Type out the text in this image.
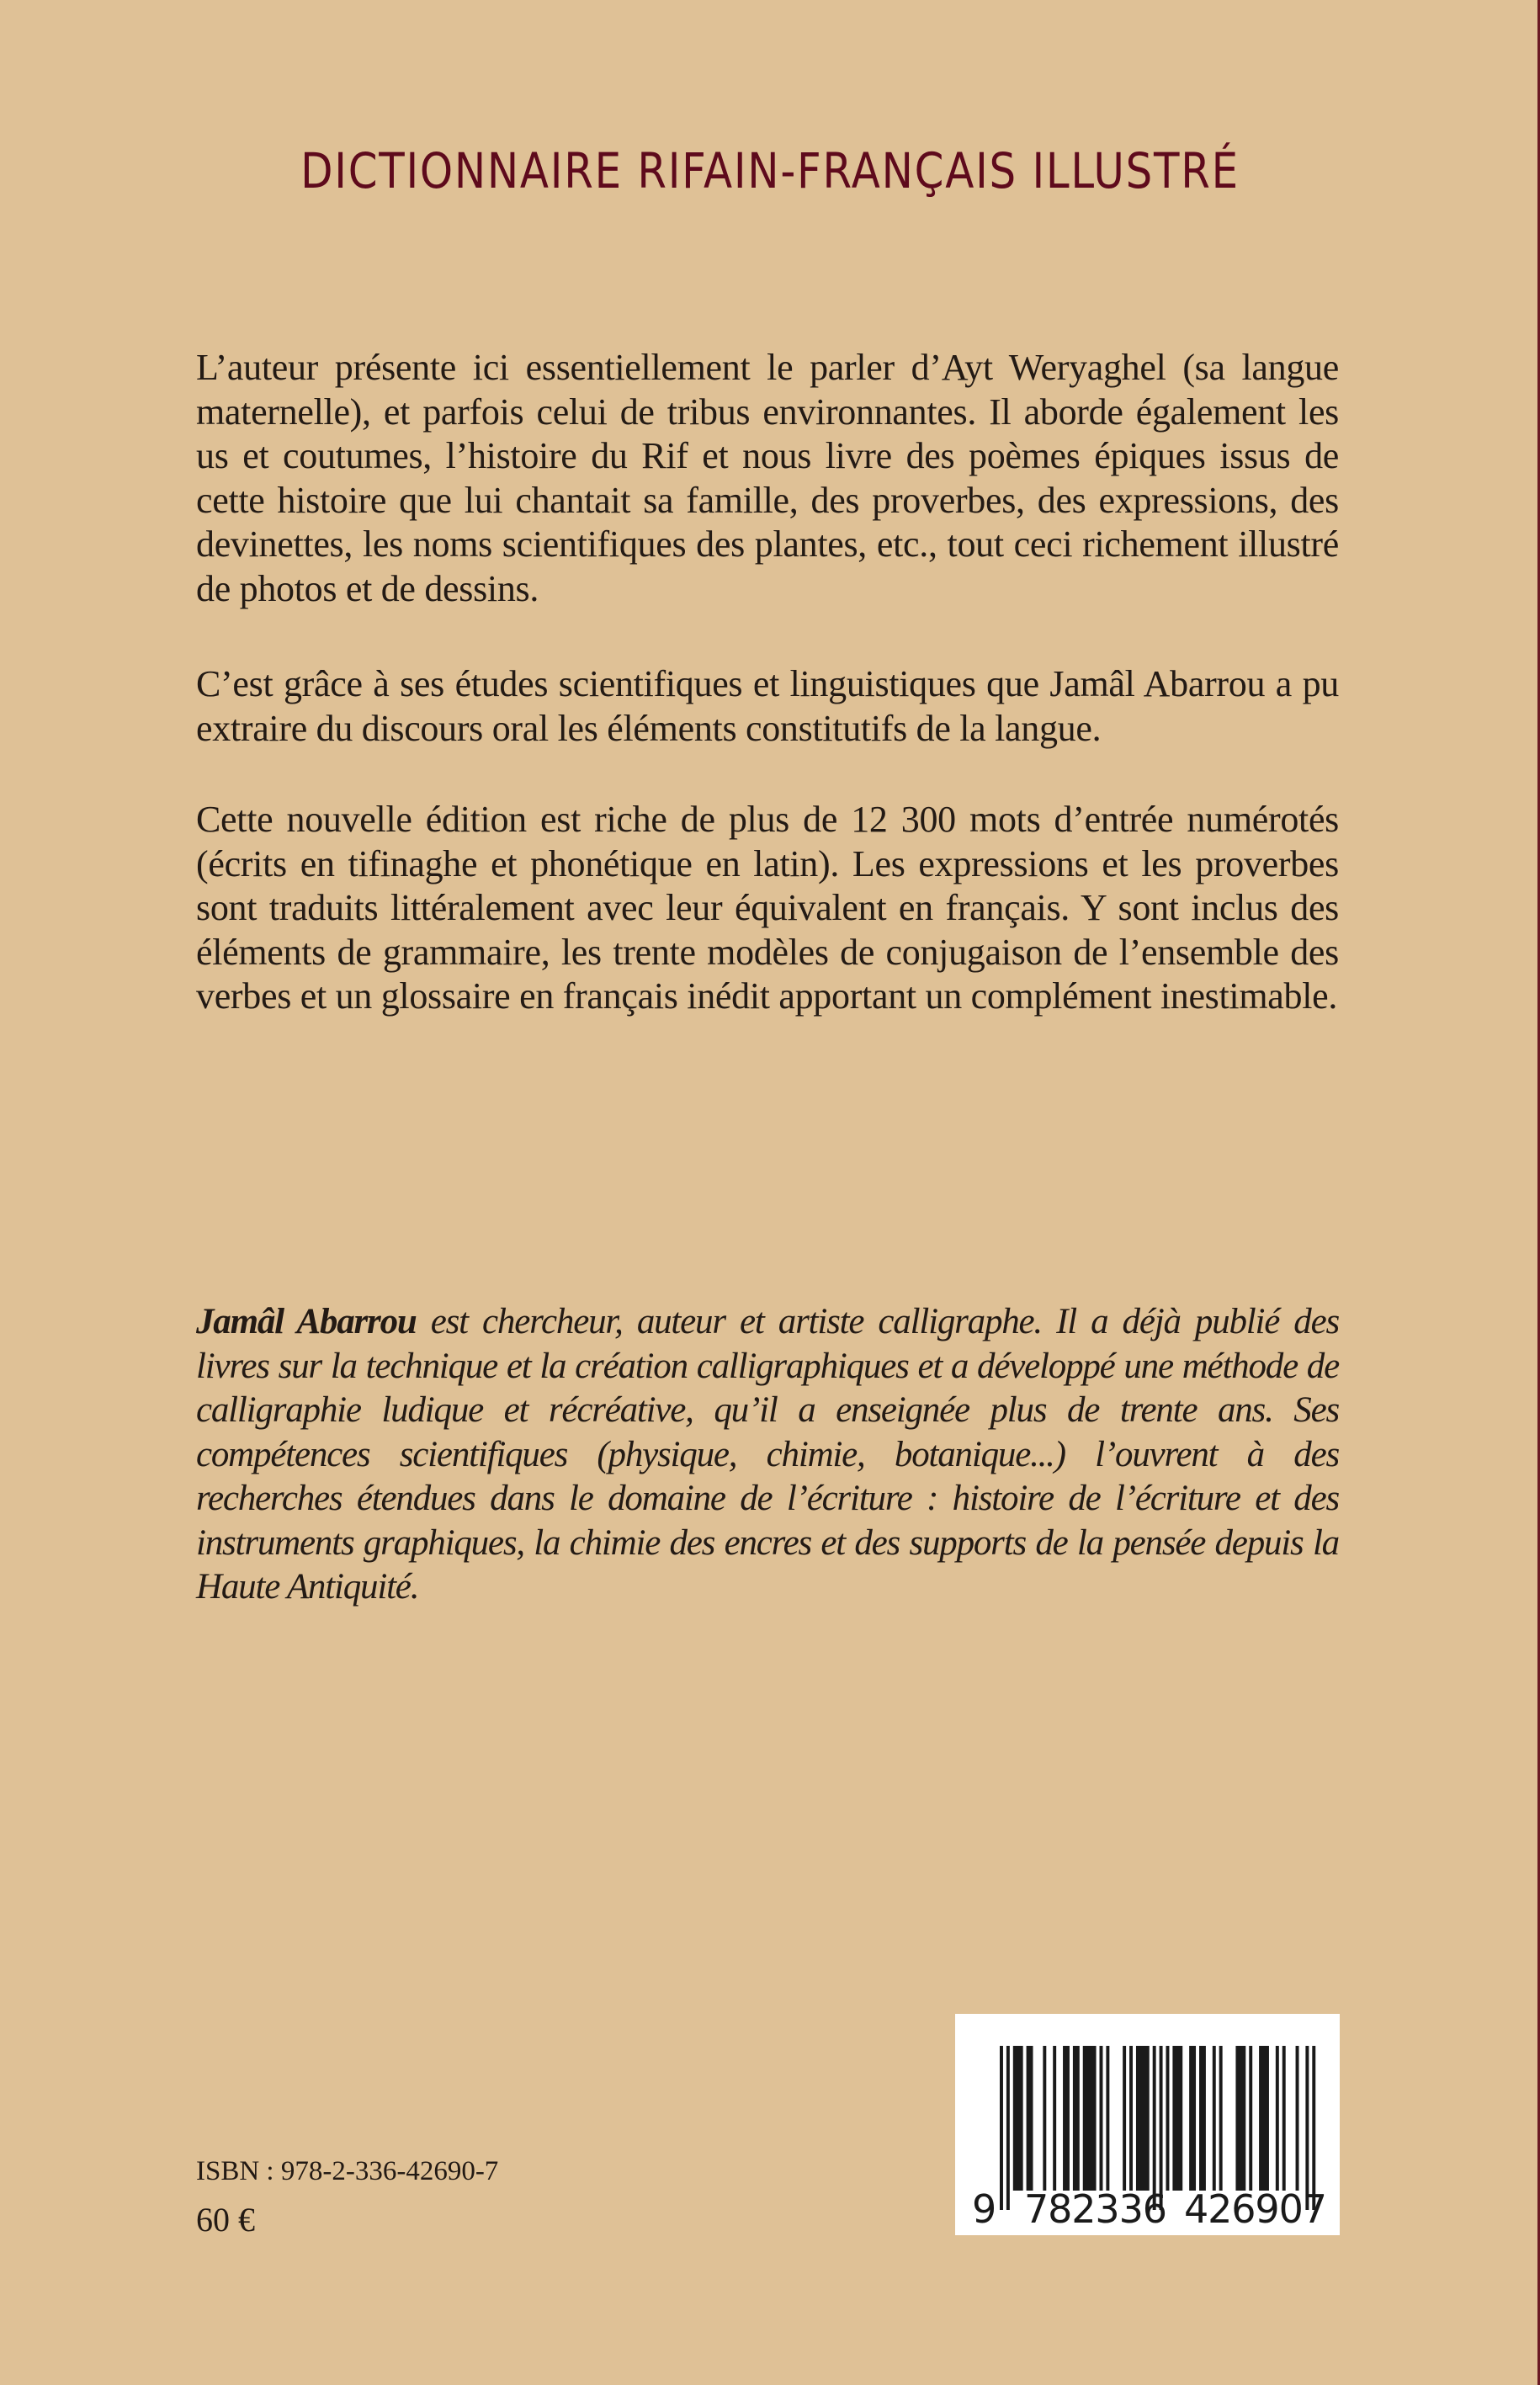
DICTIONNAIRE RIFAIN-FRANÇAIS ILLUSTRÉ

L’auteur présente ici essentiellement le parler d’Ayt Weryaghel (sa langue maternelle), et parfois celui de tribus environnantes. Il aborde également les us et coutumes, l’histoire du Rif et nous livre des poèmes épiques issus de cette histoire que lui chantait sa famille, des proverbes, des expressions, des devinettes, les noms scientifiques des plantes, etc., tout ceci richement illustré de photos et de dessins.

C’est grâce à ses études scientifiques et linguistiques que Jamâl Abarrou a pu extraire du discours oral les éléments constitutifs de la langue.

Cette nouvelle édition est riche de plus de 12 300 mots d’entrée numérotés (écrits en tifinaghe et phonétique en latin). Les expressions et les proverbes sont traduits littéralement avec leur équivalent en français. Y sont inclus des éléments de grammaire, les trente modèles de conjugaison de l’ensemble des verbes et un glossaire en français inédit apportant un complément inestimable.

Jamâl Abarrou est chercheur, auteur et artiste calligraphe. Il a déjà publié des livres sur la technique et la création calligraphiques et a développé une méthode de calligraphie ludique et récréative, qu’il a enseignée plus de trente ans. Ses compétences scientifiques (physique, chimie, botanique...) l’ouvrent à des recherches étendues dans le domaine de l’écriture : histoire de l’écriture et des instruments graphiques, la chimie des encres et des supports de la pensée depuis la Haute Antiquité.

ISBN : 978-2-336-42690-7
60 €	9 782336 426907
